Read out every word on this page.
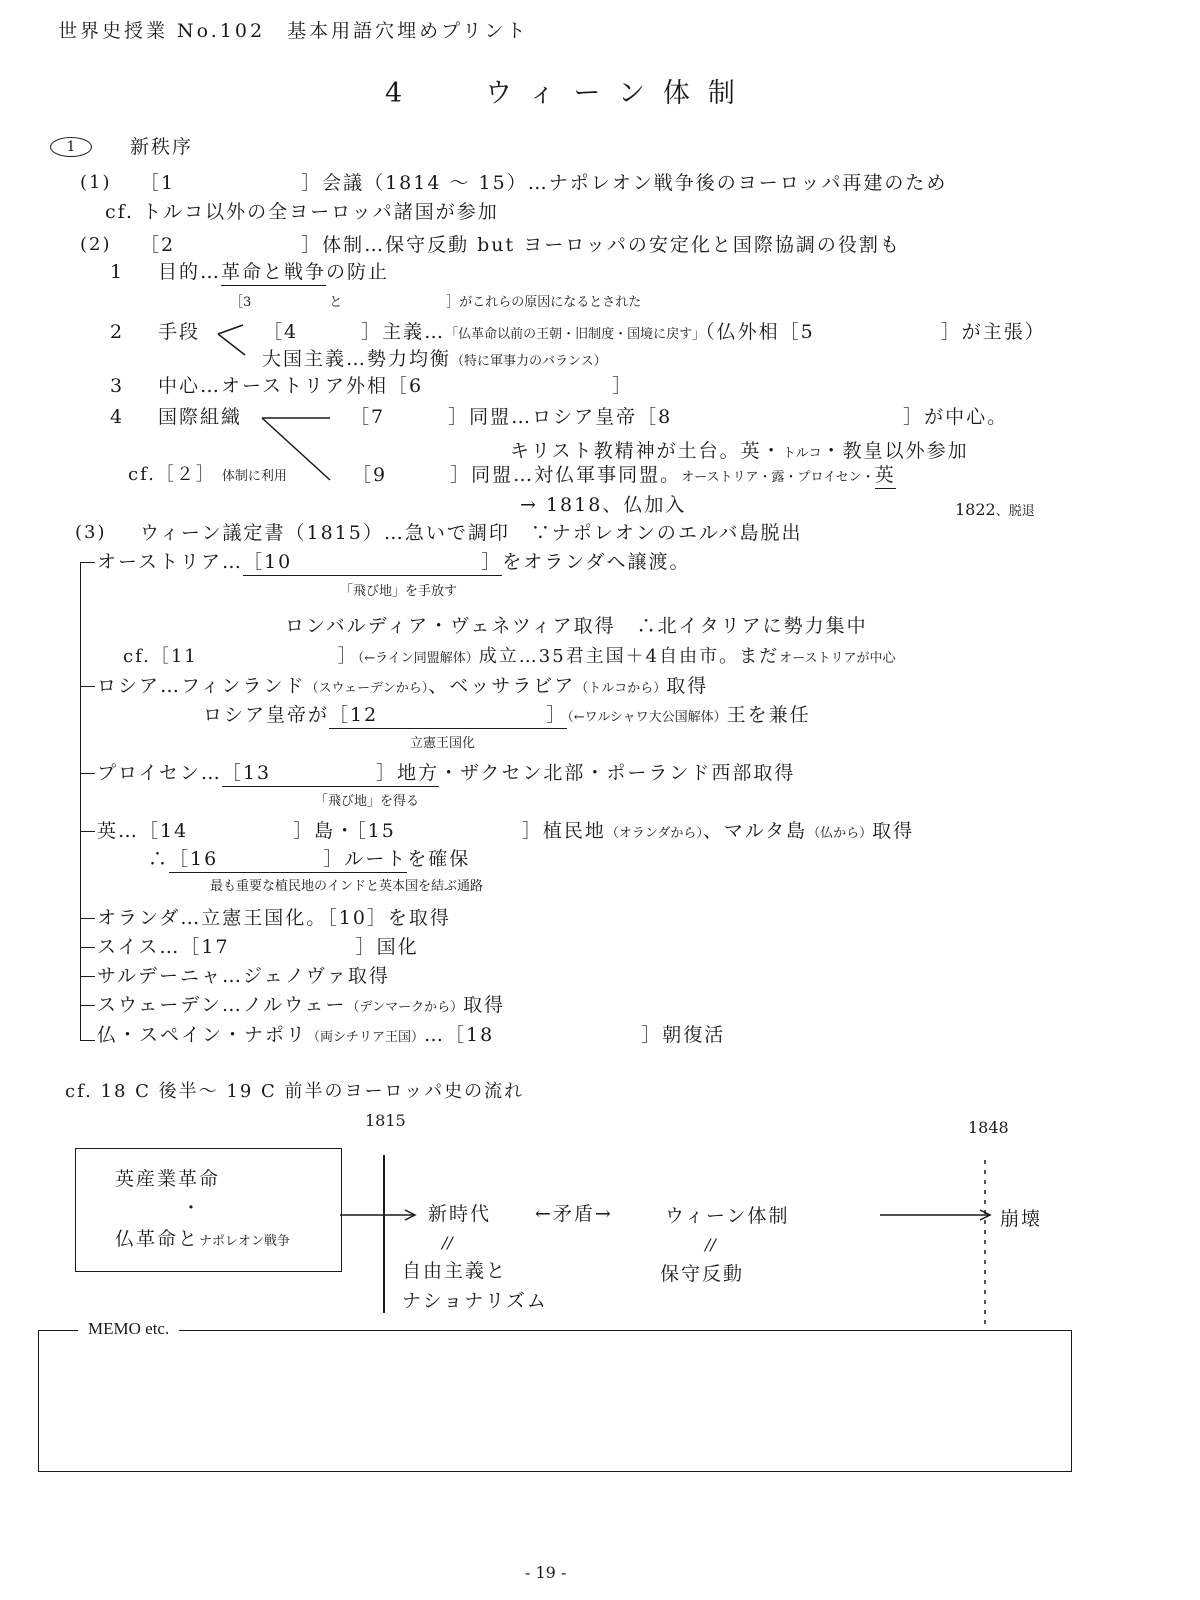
世界史授業 No.102　基本用語穴埋めプリント
4 ウィーン体制
1	新秩序
(1) ［1　　　　　　］会議（1814 ～ 15）…ナポレオン戦争後のヨーロッパ再建のため
cf. トルコ以外の全ヨーロッパ諸国が参加
(2) ［2　　　　　　］体制…保守反動 but ヨーロッパの安定化と国際協調の役割も
1 目的…革命と戦争の防止
［3　　　　　　と　　　　　　　　］がこれらの原因になるとされた
2 手段	［4　　　］主義…「仏革命以前の王朝・旧制度・国境に戻す」（仏外相［5　　　　　　］が主張）
大国主義…勢力均衡（特に軍事力のバランス）
3 中心…オーストリア外相［6　　　　　　　　　］
4 国際組織	［7　　　］同盟…ロシア皇帝［8　　　　　　　　　　　］が中心。
キリスト教精神が土台。英・トルコ・教皇以外参加
cf.［２］ 体制に利用	［9　　　］同盟…対仏軍事同盟。オーストリア・露・プロイセン・英
→ 1818、仏加入	1822、脱退
(3) ウィーン議定書（1815）…急いで調印　∵ナポレオンのエルバ島脱出
オーストリア…［10　　　　　　　　　］をオランダへ譲渡。
「飛び地」を手放す
ロンバルディア・ヴェネツィア取得　∴北イタリアに勢力集中
cf.［11　　　　　　　］（←ライン同盟解体）成立…35君主国＋4自由市。まだオーストリアが中心
ロシア…フィンランド（スウェーデンから）、ベッサラビア（トルコから）取得
ロシア皇帝が［12　　　　　　　　］（←ワルシャワ大公国解体）王を兼任
立憲王国化
プロイセン…［13　　　　　］地方・ザクセン北部・ポーランド西部取得
「飛び地」を得る
英…［14　　　　　］島・［15　　　　　　］植民地（オランダから）、マルタ島（仏から）取得
∴［16　　　　　］ルートを確保
最も重要な植民地のインドと英本国を結ぶ通路
オランダ…立憲王国化。［10］を取得
スイス…［17　　　　　　］国化
サルデーニャ…ジェノヴァ取得
スウェーデン…ノルウェー（デンマークから）取得
仏・スペイン・ナポリ（両シチリア王国）…［18　　　　　　　］朝復活
cf. 18 C 後半～ 19 C 前半のヨーロッパ史の流れ
1815	1848
英産業革命
・
仏革命とナポレオン戦争
新時代 ←矛盾→	ウィーン体制	崩壊
//	//
自由主義と
ナショナリズム
保守反動
MEMO etc.
- 19 -
